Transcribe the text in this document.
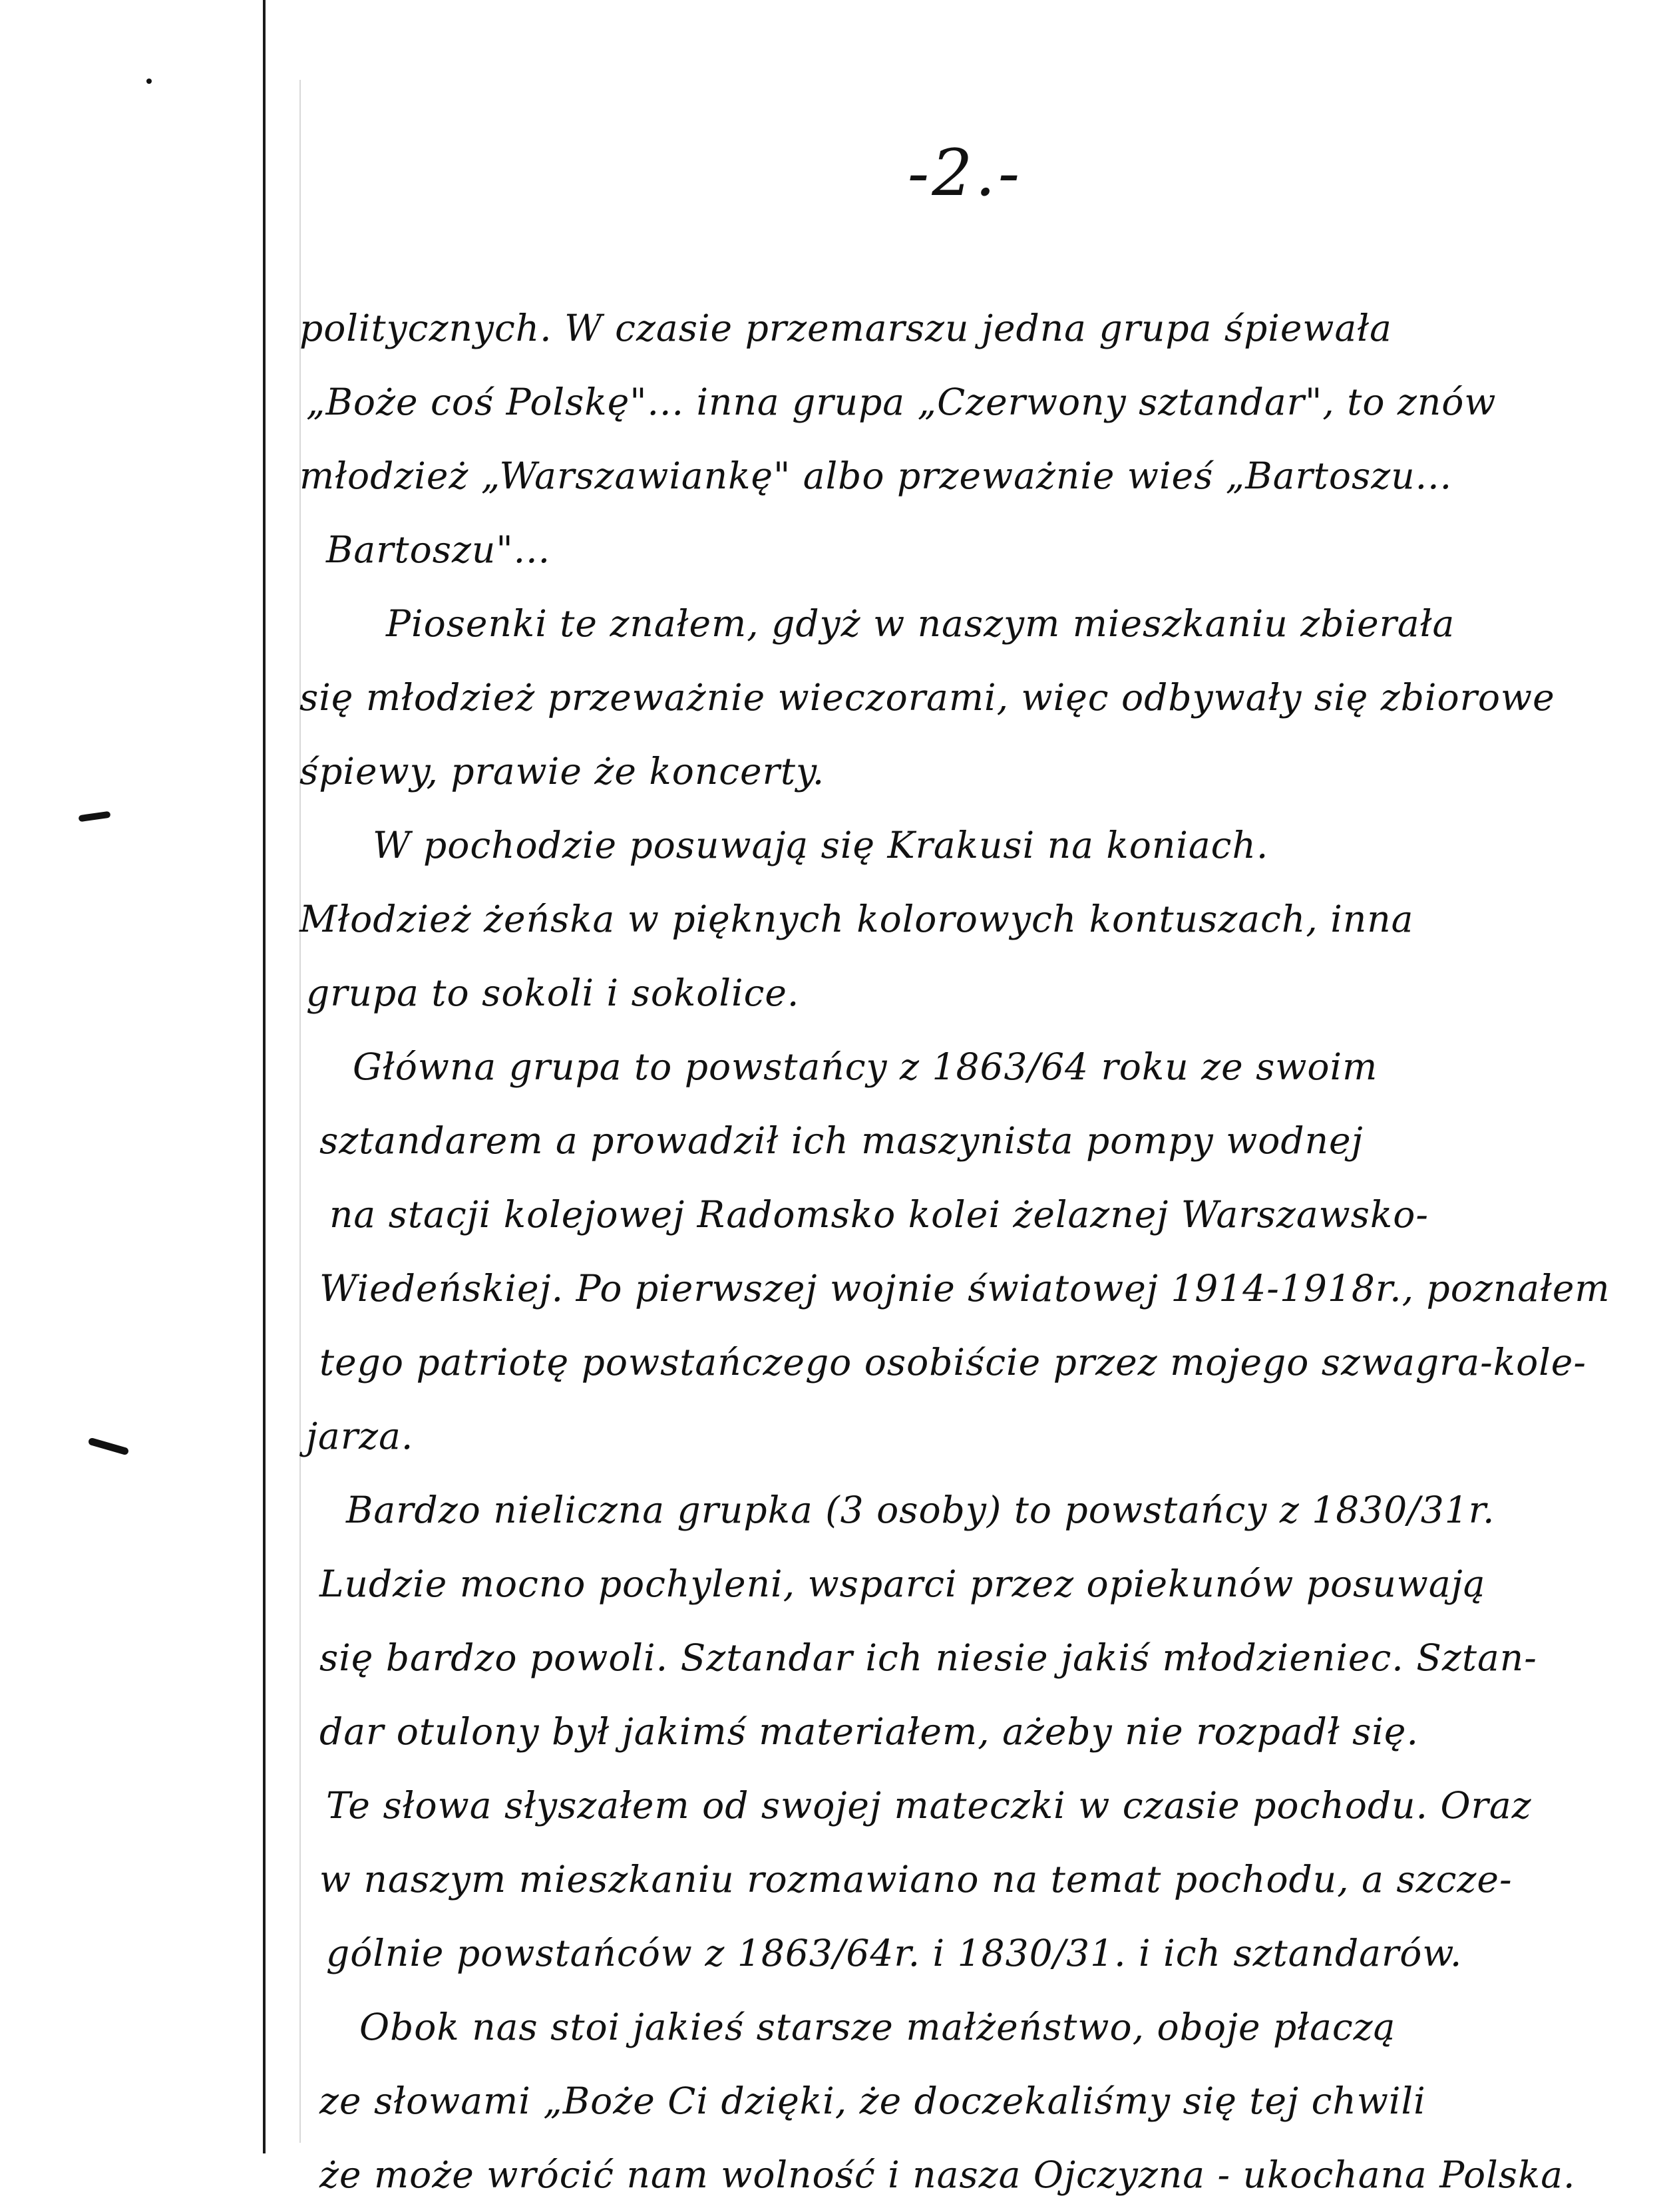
-2.-
politycznych. W czasie przemarszu jedna grupa śpiewała
„Boże coś Polskę"... inna grupa „Czerwony sztandar", to znów
młodzież „Warszawiankę" albo przeważnie wieś „Bartoszu...
Bartoszu"...
Piosenki te znałem, gdyż w naszym mieszkaniu zbierała
się młodzież przeważnie wieczorami, więc odbywały się zbiorowe
śpiewy, prawie że koncerty.
W pochodzie posuwają się Krakusi na koniach.
Młodzież żeńska w pięknych kolorowych kontuszach, inna
grupa to sokoli i sokolice.
Główna grupa to powstańcy z 1863/64 roku ze swoim
sztandarem a prowadził ich maszynista pompy wodnej
na stacji kolejowej Radomsko kolei żelaznej Warszawsko-
Wiedeńskiej. Po pierwszej wojnie światowej 1914-1918r., poznałem
tego patriotę powstańczego osobiście przez mojego szwagra-kole-
jarza.
Bardzo nieliczna grupka (3 osoby) to powstańcy z 1830/31r.
Ludzie mocno pochyleni, wsparci przez opiekunów posuwają
się bardzo powoli. Sztandar ich niesie jakiś młodzieniec. Sztan-
dar otulony był jakimś materiałem, ażeby nie rozpadł się.
Te słowa słyszałem od swojej mateczki w czasie pochodu. Oraz
w naszym mieszkaniu rozmawiano na temat pochodu, a szcze-
gólnie powstańców z 1863/64r. i 1830/31. i ich sztandarów.
Obok nas stoi jakieś starsze małżeństwo, oboje płaczą
ze słowami „Boże Ci dzięki, że doczekaliśmy się tej chwili
że może wrócić nam wolność i nasza Ojczyzna - ukochana Polska.
